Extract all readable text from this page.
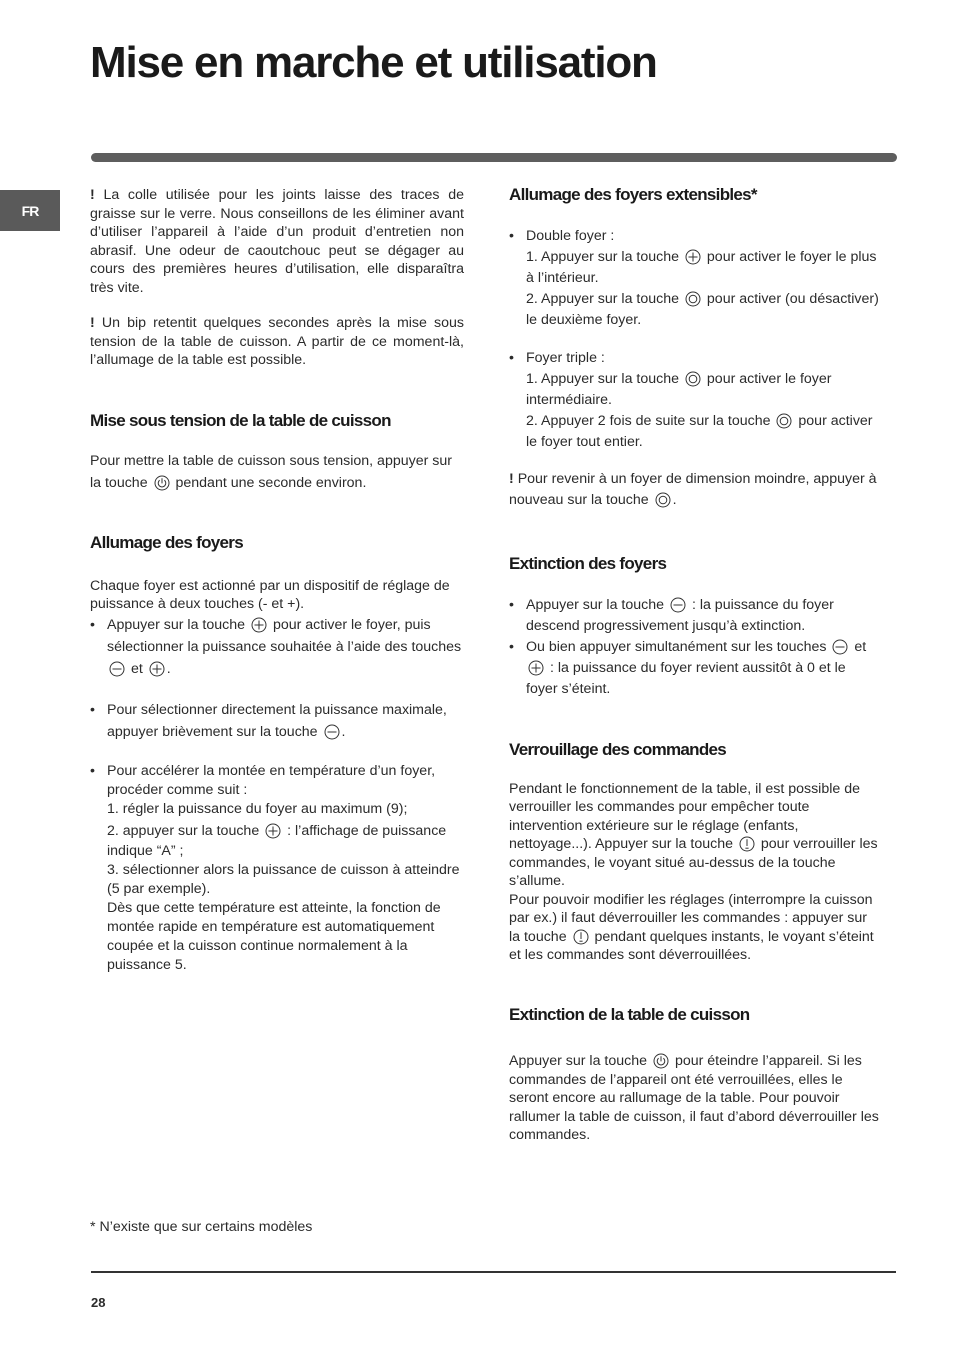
Mise en marche et utilisation
FR

! La colle utilisée pour les joints laisse des traces de graisse sur le verre. Nous conseillons de les éliminer avant d’utiliser l’appareil à l’aide d’un produit d’entretien non abrasif. Une odeur de caoutchouc peut se dégager au cours des premières heures d’utilisation, elle disparaîtra très vite.

! Un bip retentit quelques secondes après la mise sous tension de la table de cuisson. A partir de ce moment-là, l’allumage de la table est possible.

Mise sous tension de la table de cuisson

Pour mettre la table de cuisson sous tension, appuyer sur la touche pendant une seconde environ.

Allumage des foyers

Chaque foyer est actionné par un dispositif de réglage de puissance à deux touches (- et +).

• Appuyer sur la touche pour activer le foyer, puis sélectionner la puissance souhaitée à l’aide des touches
et .
• Pour sélectionner directement la puissance maximale, appuyer brièvement sur la touche .
• Pour accélérer la montée en température d’un foyer, procéder comme suit :
1. régler la puissance du foyer au maximum (9);
2. appuyer sur la touche : l’affichage de puissance indique “A” ;
3. sélectionner alors la puissance de cuisson à atteindre (5 par exemple).
Dès que cette température est atteinte, la fonction de montée rapide en température est automatiquement coupée et la cuisson continue normalement à la puissance 5.
Allumage des foyers extensibles*
• Double foyer :
1. Appuyer sur la touche pour activer le foyer le plus à l’intérieur.
2. Appuyer sur la touche pour activer (ou désactiver) le deuxième foyer.
• Foyer triple :
1. Appuyer sur la touche pour activer le foyer intermédiaire.
2. Appuyer 2 fois de suite sur la touche pour activer le foyer tout entier.

! Pour revenir à un foyer de dimension moindre, appuyer à nouveau sur la touche .

Extinction des foyers
• Appuyer sur la touche : la puissance du foyer descend progressivement jusqu’à extinction.
• Ou bien appuyer simultanément sur les touches et
: la puissance du foyer revient aussitôt à 0 et le foyer s’éteint.
Verrouillage des commandes

Pendant le fonctionnement de la table, il est possible de verrouiller les commandes pour empêcher toute intervention extérieure sur le réglage (enfants, nettoyage...). Appuyer sur la touche pour verrouiller les commandes, le voyant situé au-dessus de la touche s’allume.

Pour pouvoir modifier les réglages (interrompre la cuisson par ex.) il faut déverrouiller les commandes : appuyer sur la touche pendant quelques instants, le voyant s’éteint et les commandes sont déverrouillées.

Extinction de la table de cuisson

Appuyer sur la touche pour éteindre l’appareil. Si les commandes de l’appareil ont été verrouillées, elles le seront encore au rallumage de la table. Pour pouvoir rallumer la table de cuisson, il faut d’abord déverrouiller les commandes.

* N’existe que sur certains modèles
28
